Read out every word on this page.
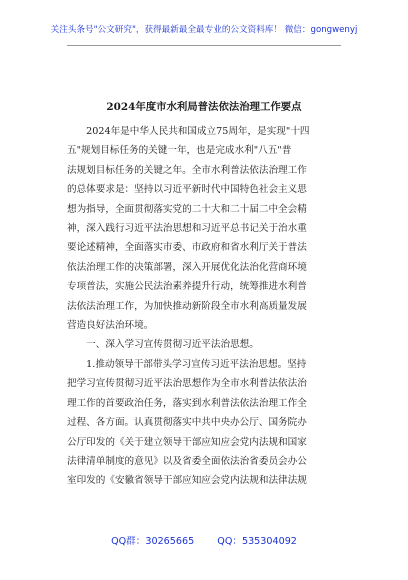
关注头条号"公文研究"，获得最新最全最专业的公文资料库！ 微信：gongwenyj
2024年度市水利局普法依法治理工作要点
　　2024年是中华人民共和国成立75周年，是实现"十四
五"规划目标任务的关键一年，也是完成水利"八五"普
法规划目标任务的关键之年。全市水利普法依法治理工作
的总体要求是：坚持以习近平新时代中国特色社会主义思
想为指导，全面贯彻落实党的二十大和二十届二中全会精
神，深入践行习近平法治思想和习近平总书记关于治水重
要论述精神，全面落实市委、市政府和省水利厅关于普法
依法治理工作的决策部署，深入开展优化法治化营商环境
专项普法，实施公民法治素养提升行动，统筹推进水利普
法依法治理工作，为加快推动新阶段全市水利高质量发展
营造良好法治环境。
　　一、深入学习宣传贯彻习近平法治思想。
　　1.推动领导干部带头学习宣传习近平法治思想。坚持
把学习宣传贯彻习近平法治思想作为全市水利普法依法治
理工作的首要政治任务，落实到水利普法依法治理工作全
过程、各方面。认真贯彻落实中共中央办公厅、国务院办
公厅印发的《关于建立领导干部应知应会党内法规和国家
法律清单制度的意见》以及省委全面依法治省委员会办公
室印发的《安徽省领导干部应知应会党内法规和法律法规
QQ群：30265665 QQ：535304092
